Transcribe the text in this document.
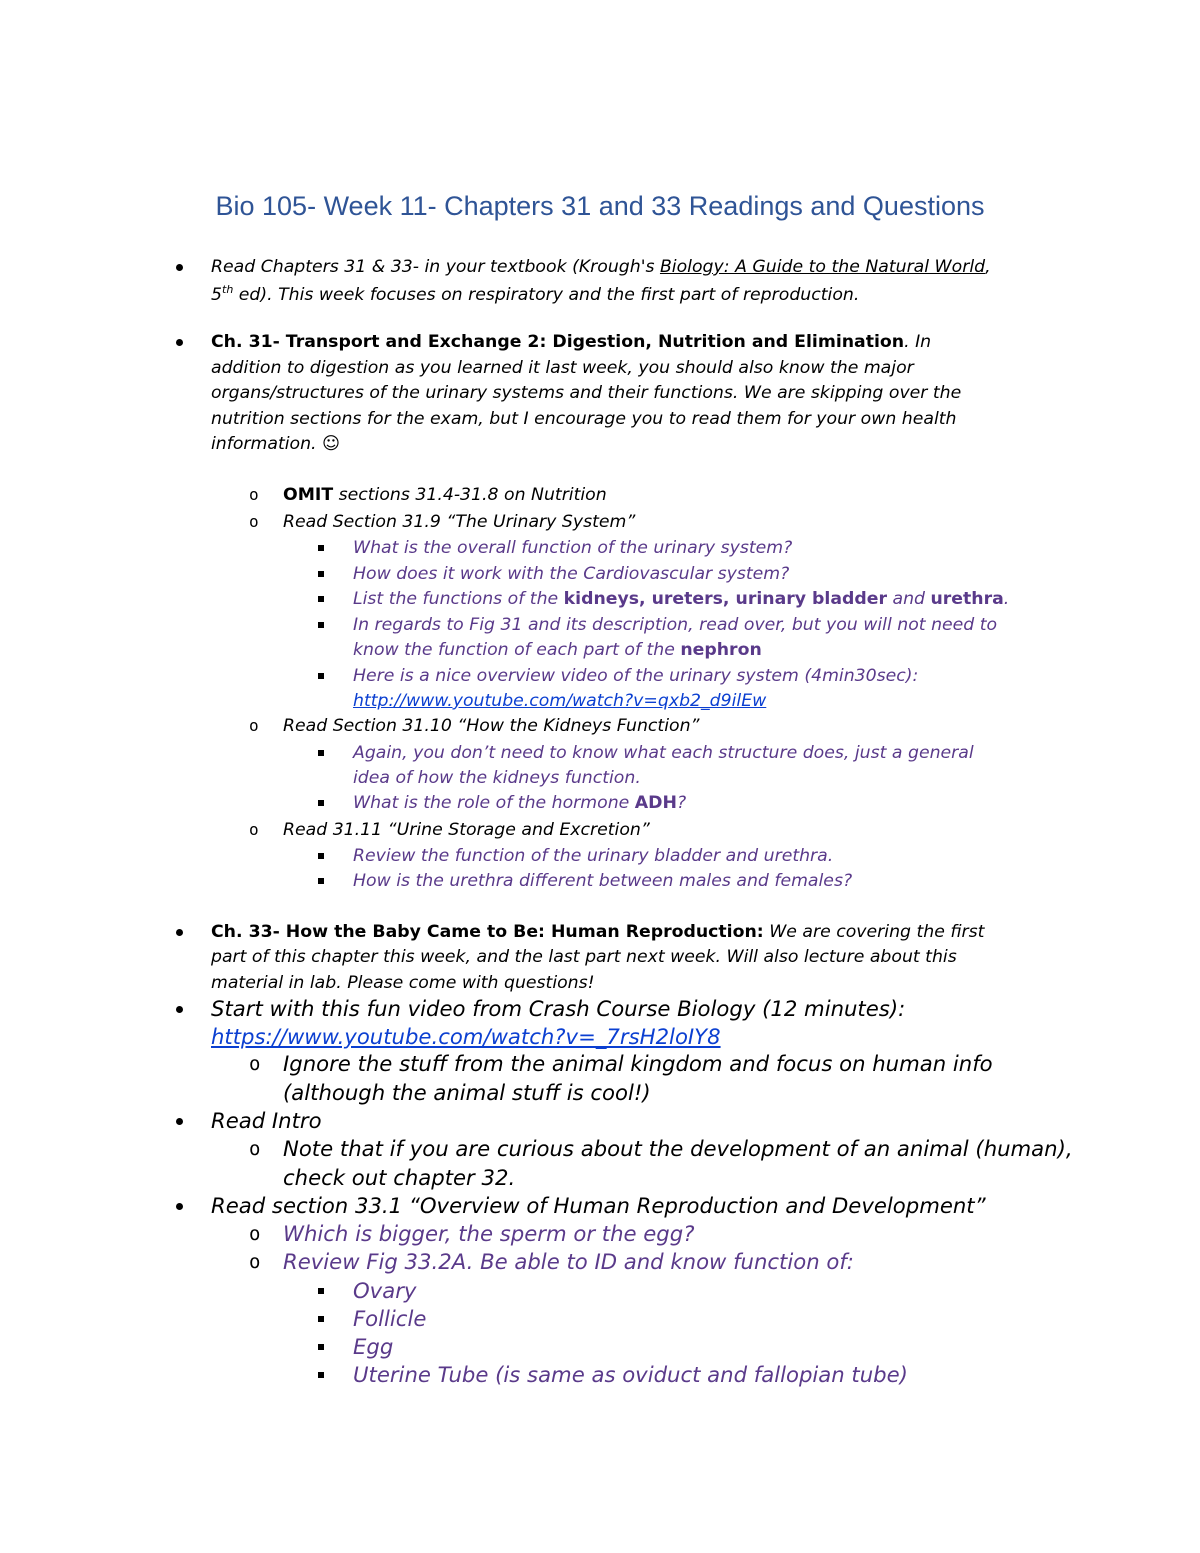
Bio 105- Week 11- Chapters 31 and 33 Readings and Questions
Read Chapters 31 & 33- in your textbook (Krough's Biology: A Guide to the Natural World,
5th ed). This week focuses on respiratory and the first part of reproduction.
Ch. 31- Transport and Exchange 2: Digestion, Nutrition and Elimination. In
addition to digestion as you learned it last week, you should also know the major
organs/structures of the urinary systems and their functions. We are skipping over the
nutrition sections for the exam, but I encourage you to read them for your own health
information. ☺
o OMIT sections 31.4-31.8 on Nutrition
o Read Section 31.9 “The Urinary System”
What is the overall function of the urinary system?
How does it work with the Cardiovascular system?
List the functions of the kidneys, ureters, urinary bladder and urethra.
In regards to Fig 31 and its description, read over, but you will not need to
know the function of each part of the nephron
Here is a nice overview video of the urinary system (4min30sec):
http://www.youtube.com/watch?v=qxb2_d9ilEw
o Read Section 31.10 “How the Kidneys Function”
Again, you don’t need to know what each structure does, just a general
idea of how the kidneys function.
What is the role of the hormone ADH?
o Read 31.11 “Urine Storage and Excretion”
Review the function of the urinary bladder and urethra.
How is the urethra different between males and females?
Ch. 33- How the Baby Came to Be: Human Reproduction: We are covering the first
part of this chapter this week, and the last part next week. Will also lecture about this
material in lab. Please come with questions!
Start with this fun video from Crash Course Biology (12 minutes):
https://www.youtube.com/watch?v=_7rsH2loIY8
o Ignore the stuff from the animal kingdom and focus on human info
(although the animal stuff is cool!)
Read Intro
o Note that if you are curious about the development of an animal (human),
check out chapter 32.
Read section 33.1 “Overview of Human Reproduction and Development”
o Which is bigger, the sperm or the egg?
o Review Fig 33.2A. Be able to ID and know function of:
Ovary
Follicle
Egg
Uterine Tube (is same as oviduct and fallopian tube)
